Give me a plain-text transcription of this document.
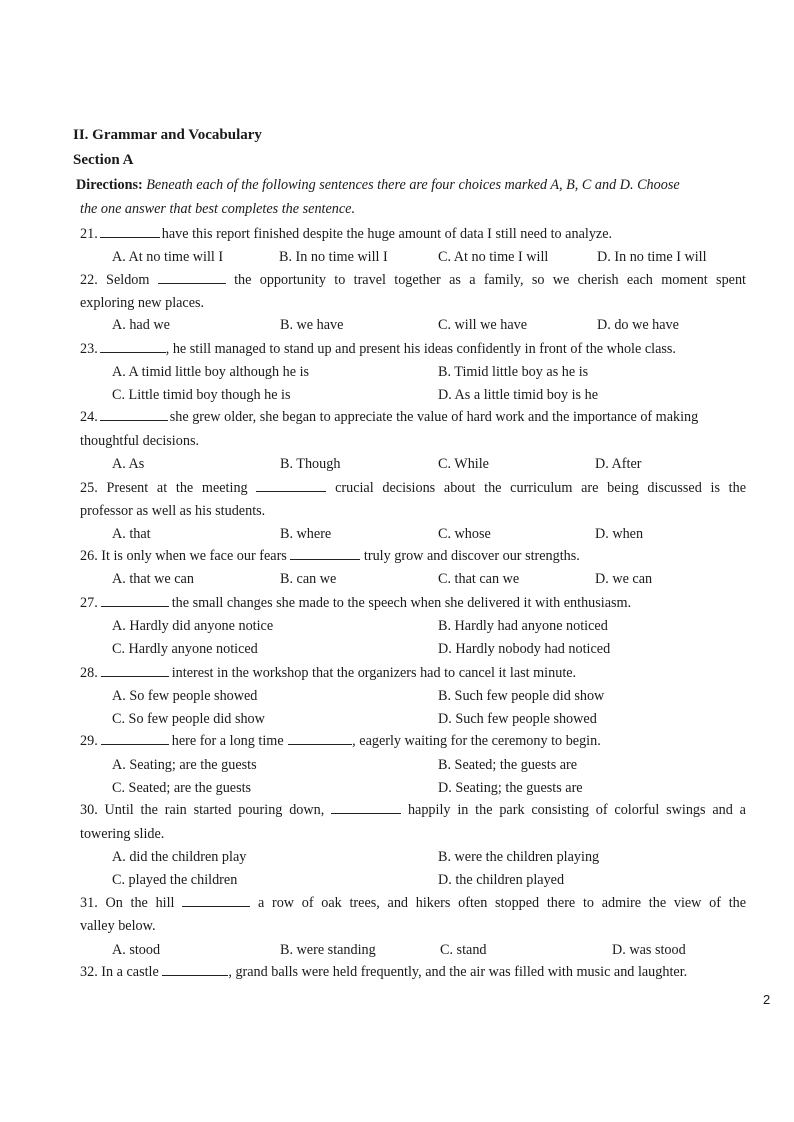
II. Grammar and Vocabulary
Section A
Directions: Beneath each of the following sentences there are four choices marked A, B, C and D. Choose
the one answer that best completes the sentence.
21.	have this report finished despite the huge amount of data I still need to analyze.
A. At no time will I	B. In no time will I	C. At no time I will	D. In no time I will
22. Seldom	the opportunity to travel together as a family, so we cherish each moment spent
exploring new places.
A. had we	B. we have	C. will we have	D. do we have
23.	, he still managed to stand up and present his ideas confidently in front of the whole class.
A. A timid little boy although he is	B. Timid little boy as he is
C. Little timid boy though he is	D. As a little timid boy is he
24.	she grew older, she began to appreciate the value of hard work and the importance of making
thoughtful decisions.
A. As	B. Though	C. While	D. After
25. Present at the meeting	crucial decisions about the curriculum are being discussed is the
professor as well as his students.
A. that	B. where	C. whose	D. when
26. It is only when we face our fears	truly grow and discover our strengths.
A. that we can	B. can we	C. that can we	D. we can
27.	the small changes she made to the speech when she delivered it with enthusiasm.
A. Hardly did anyone notice	B. Hardly had anyone noticed
C. Hardly anyone noticed	D. Hardly nobody had noticed
28.	interest in the workshop that the organizers had to cancel it last minute.
A. So few people showed	B. Such few people did show
C. So few people did show	D. Such few people showed
29.	here for a long time	, eagerly waiting for the ceremony to begin.
A. Seating; are the guests	B. Seated; the guests are
C. Seated; are the guests	D. Seating; the guests are
30. Until the rain started pouring down,	happily in the park consisting of colorful swings and a
towering slide.
A. did the children play	B. were the children playing
C. played the children	D. the children played
31. On the hill	a row of oak trees, and hikers often stopped there to admire the view of the
valley below.
A. stood	B. were standing	C. stand	D. was stood
32. In a castle	, grand balls were held frequently, and the air was filled with music and laughter.
2
